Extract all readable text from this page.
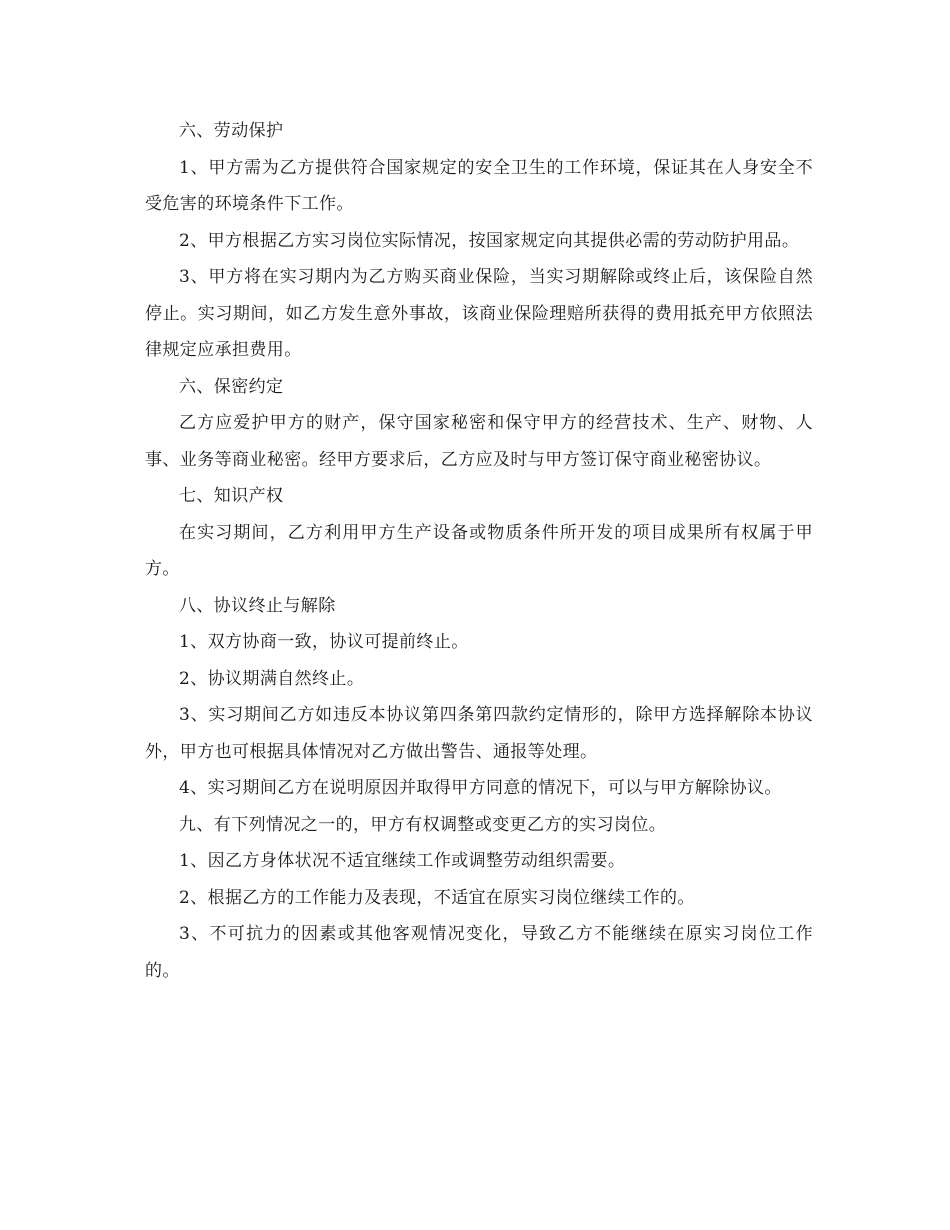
六、劳动保护

1、甲方需为乙方提供符合国家规定的安全卫生的工作环境，保证其在人身安全不受危害的环境条件下工作。

2、甲方根据乙方实习岗位实际情况，按国家规定向其提供必需的劳动防护用品。

3、甲方将在实习期内为乙方购买商业保险，当实习期解除或终止后，该保险自然停止。实习期间，如乙方发生意外事故，该商业保险理赔所获得的费用抵充甲方依照法律规定应承担费用。

六、保密约定

乙方应爱护甲方的财产，保守国家秘密和保守甲方的经营技术、生产、财物、人事、业务等商业秘密。经甲方要求后，乙方应及时与甲方签订保守商业秘密协议。

七、知识产权

在实习期间，乙方利用甲方生产设备或物质条件所开发的项目成果所有权属于甲方。

八、协议终止与解除

1、双方协商一致，协议可提前终止。

2、协议期满自然终止。

3、实习期间乙方如违反本协议第四条第四款约定情形的，除甲方选择解除本协议外，甲方也可根据具体情况对乙方做出警告、通报等处理。

4、实习期间乙方在说明原因并取得甲方同意的情况下，可以与甲方解除协议。

九、有下列情况之一的，甲方有权调整或变更乙方的实习岗位。

1、因乙方身体状况不适宜继续工作或调整劳动组织需要。

2、根据乙方的工作能力及表现，不适宜在原实习岗位继续工作的。

3、不可抗力的因素或其他客观情况变化，导致乙方不能继续在原实习岗位工作的。
